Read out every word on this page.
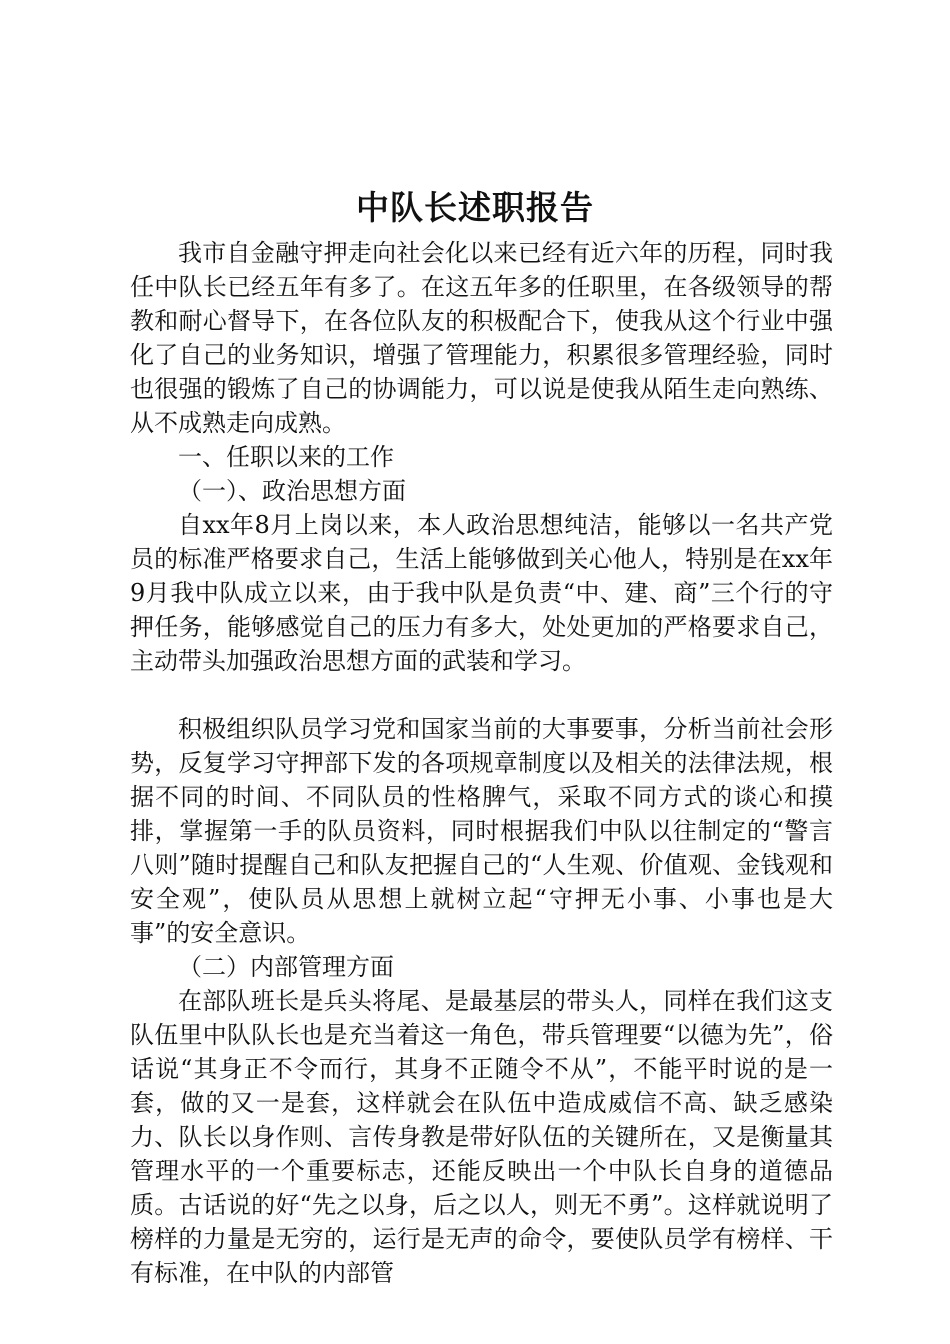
中队长述职报告

我市自金融守押走向社会化以来已经有近六年的历程，同时我任中队长已经五年有多了。在这五年多的任职里，在各级领导的帮教和耐心督导下，在各位队友的积极配合下，使我从这个行业中强化了自己的业务知识，增强了管理能力，积累很多管理经验，同时也很强的锻炼了自己的协调能力，可以说是使我从陌生走向熟练、从不成熟走向成熟。

一、任职以来的工作

（一）、政治思想方面

自xx年8月上岗以来，本人政治思想纯洁，能够以一名共产党员的标准严格要求自己，生活上能够做到关心他人，特别是在xx年9月我中队成立以来，由于我中队是负责“中、建、商”三个行的守押任务，能够感觉自己的压力有多大，处处更加的严格要求自己，主动带头加强政治思想方面的武装和学习。

积极组织队员学习党和国家当前的大事要事，分析当前社会形势，反复学习守押部下发的各项规章制度以及相关的法律法规，根据不同的时间、不同队员的性格脾气，采取不同方式的谈心和摸排，掌握第一手的队员资料，同时根据我们中队以往制定的“警言八则”随时提醒自己和队友把握自己的“人生观、价值观、金钱观和安全观”，使队员从思想上就树立起“守押无小事、小事也是大事”的安全意识。

（二）内部管理方面

在部队班长是兵头将尾、是最基层的带头人，同样在我们这支队伍里中队队长也是充当着这一角色，带兵管理要“以德为先”，俗话说“其身正不令而行，其身不正随令不从”，不能平时说的是一套，做的又一是套，这样就会在队伍中造成威信不高、缺乏感染力、队长以身作则、言传身教是带好队伍的关键所在，又是衡量其管理水平的一个重要标志，还能反映出一个中队长自身的道德品质。古话说的好“先之以身，后之以人，则无不勇”。这样就说明了榜样的力量是无穷的，运行是无声的命令，要使队员学有榜样、干有标准，在中队的内部管
